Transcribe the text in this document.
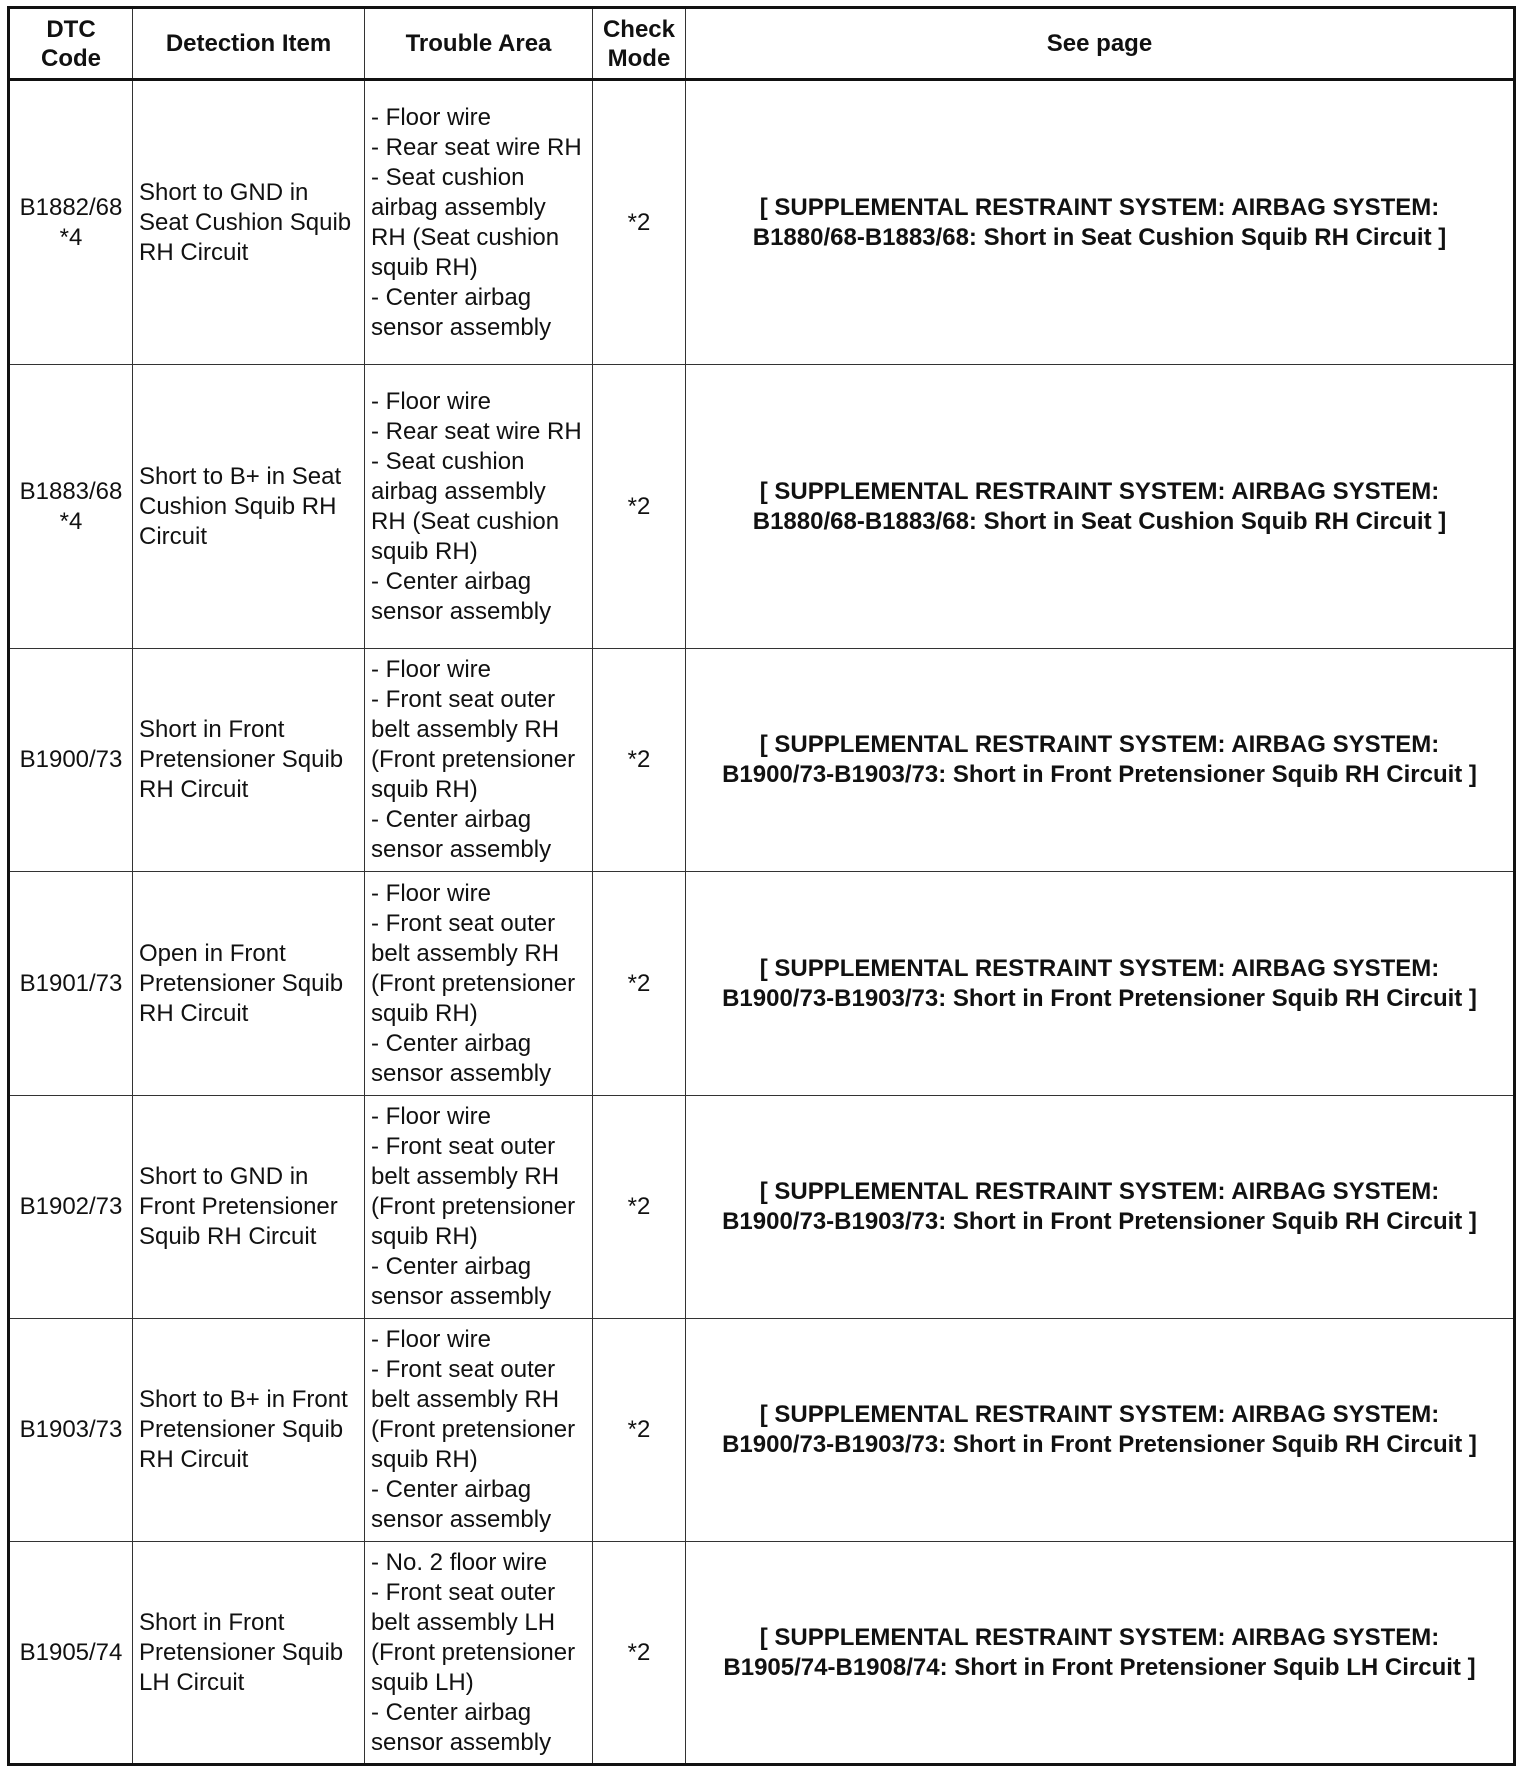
DTC Code	Detection Item	Trouble Area	Check Mode	See page
B1882/68 *4	Short to GND in Seat Cushion Squib RH Circuit	- Floor wire
- Rear seat wire RH
- Seat cushion airbag assembly RH (Seat cushion squib RH)
- Center airbag sensor assembly	*2	[ SUPPLEMENTAL RESTRAINT SYSTEM: AIRBAG SYSTEM:
B1880/68-B1883/68: Short in Seat Cushion Squib RH Circuit ]

B1883/68 *4	Short to B+ in Seat Cushion Squib RH Circuit	- Floor wire
- Rear seat wire RH
- Seat cushion airbag assembly RH (Seat cushion squib RH)
- Center airbag sensor assembly	*2	[ SUPPLEMENTAL RESTRAINT SYSTEM: AIRBAG SYSTEM:
B1880/68-B1883/68: Short in Seat Cushion Squib RH Circuit ]

B1900/73	Short in Front Pretensioner Squib RH Circuit	- Floor wire
- Front seat outer belt assembly RH (Front pretensioner squib RH)
- Center airbag sensor assembly	*2	[ SUPPLEMENTAL RESTRAINT SYSTEM: AIRBAG SYSTEM:
B1900/73-B1903/73: Short in Front Pretensioner Squib RH Circuit ]

B1901/73	Open in Front Pretensioner Squib RH Circuit	- Floor wire
- Front seat outer belt assembly RH (Front pretensioner squib RH)
- Center airbag sensor assembly	*2	[ SUPPLEMENTAL RESTRAINT SYSTEM: AIRBAG SYSTEM:
B1900/73-B1903/73: Short in Front Pretensioner Squib RH Circuit ]

B1902/73	Short to GND in Front Pretensioner Squib RH Circuit	- Floor wire
- Front seat outer belt assembly RH (Front pretensioner squib RH)
- Center airbag sensor assembly	*2	[ SUPPLEMENTAL RESTRAINT SYSTEM: AIRBAG SYSTEM:
B1900/73-B1903/73: Short in Front Pretensioner Squib RH Circuit ]

B1903/73	Short to B+ in Front Pretensioner Squib RH Circuit	- Floor wire
- Front seat outer belt assembly RH (Front pretensioner squib RH)
- Center airbag sensor assembly	*2	[ SUPPLEMENTAL RESTRAINT SYSTEM: AIRBAG SYSTEM:
B1900/73-B1903/73: Short in Front Pretensioner Squib RH Circuit ]

B1905/74	Short in Front Pretensioner Squib LH Circuit	- No. 2 floor wire
- Front seat outer belt assembly LH (Front pretensioner squib LH)
- Center airbag sensor assembly	*2	[ SUPPLEMENTAL RESTRAINT SYSTEM: AIRBAG SYSTEM:
B1905/74-B1908/74: Short in Front Pretensioner Squib LH Circuit ]
